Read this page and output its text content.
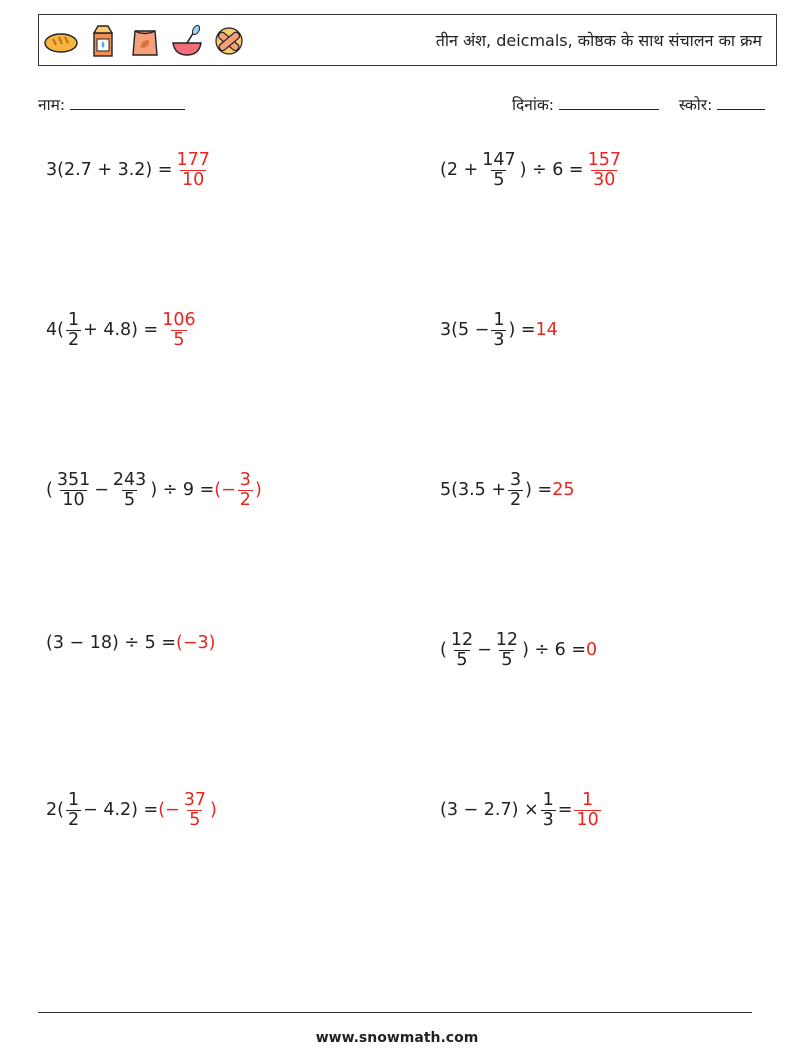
तीन अंश, deicmals, कोष्ठक के साथ संचालन का क्रम
नाम:	दिनांक:	स्कोर:
$3(2.7 + 3.2) = \frac{177}{10}$	($2 + \frac{147}{5}$ ) ÷ $6 = \frac{157}{30}$
$4( \frac{1}{2} + 4.8) = \frac{106}{5}$	$3(5 - \frac{1}{3}$ ) = 14
( $\frac{351}{10} - \frac{243}{5}$ ) ÷ 9 = (− $\frac{3}{2}$ )	$5(3.5 + \frac{3}{2}$ ) = 25
(3 − 18) ÷ 5 = (−3)	( $\frac{12}{5} - \frac{12}{5}$ ) ÷ 6 = 0
$2( \frac{1}{2} - 4.2)$ = (− $\frac{37}{5}$ )	$(3 - 2.7) \times \frac{1}{3} = \frac{1}{10}$
www.snowmath.com
